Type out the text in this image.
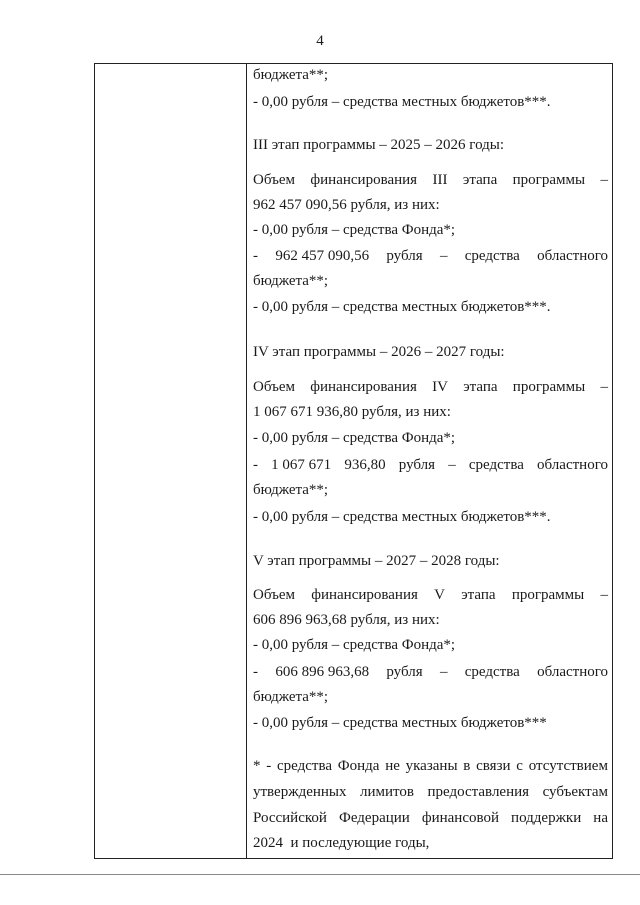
4
бюджета**;
- 0,00 рубля – средства местных бюджетов***.
III этап программы – 2025 – 2026 годы:
Объем финансирования III этапа программы –
962 457 090,56 рубля, из них:
- 0,00 рубля – средства Фонда*;
- 962 457 090,56 рубля – средства областного
бюджета**;
- 0,00 рубля – средства местных бюджетов***.
IV этап программы – 2026 – 2027 годы:
Объем финансирования IV этапа программы –
1 067 671 936,80 рубля, из них:
- 0,00 рубля – средства Фонда*;
- 1 067 671 936,80 рубля – средства областного
бюджета**;
- 0,00 рубля – средства местных бюджетов***.
V этап программы – 2027 – 2028 годы:
Объем финансирования V этапа программы –
606 896 963,68 рубля, из них:
- 0,00 рубля – средства Фонда*;
- 606 896 963,68 рубля – средства областного
бюджета**;
- 0,00 рубля – средства местных бюджетов***
* - средства Фонда не указаны в связи с отсутствием
утвержденных лимитов предоставления субъектам
Российской Федерации финансовой поддержки на
2024  и последующие годы,
